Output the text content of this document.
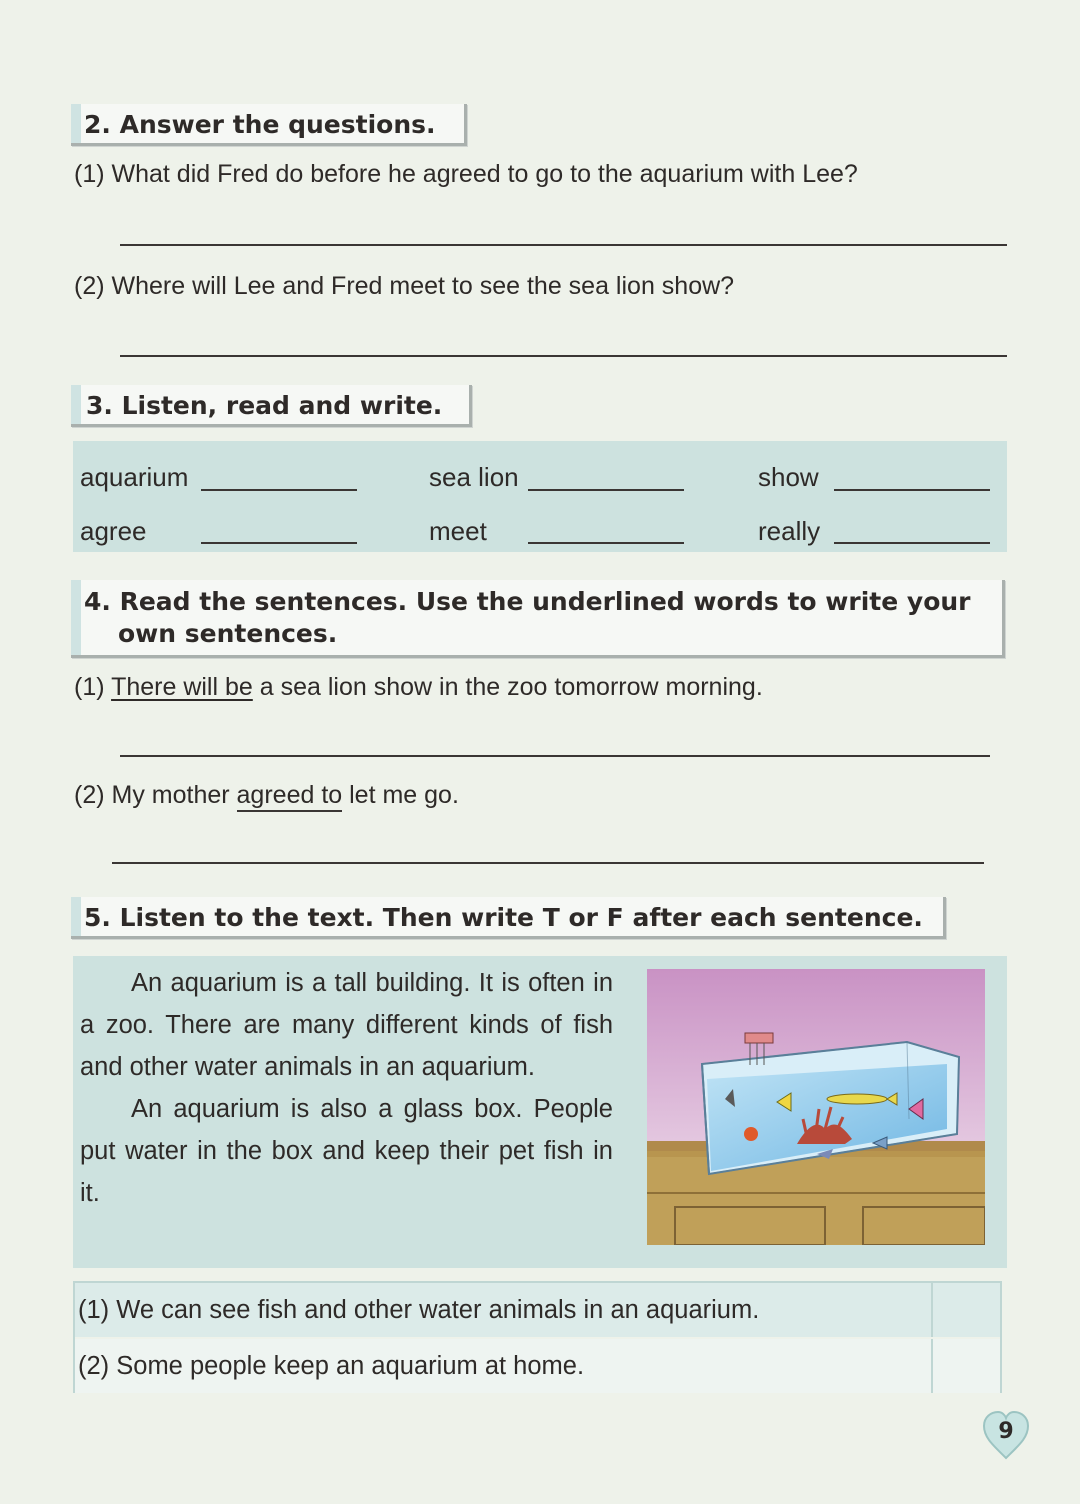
2. Answer the questions.
(1) What did Fred do before he agreed to go to the aquarium with Lee?
(2) Where will Lee and Fred meet to see the sea lion show?
3. Listen, read and write.
aquarium	sea lion	show
agree	meet	really
4. Read the sentences. Use the underlined words to write your
own sentences.
(1) There will be a sea lion show in the zoo tomorrow morning.
(2) My mother agreed to let me go.
5. Listen to the text. Then write T or F after each sentence.

An aquarium is a tall building. It is often in a zoo. There are many different kinds of fish and other water animals in an aquarium.

An aquarium is also a glass box. People put water in the box and keep their pet fish in it.

(1) We can see fish and other water animals in an aquarium.
(2) Some people keep an aquarium at home.
9
